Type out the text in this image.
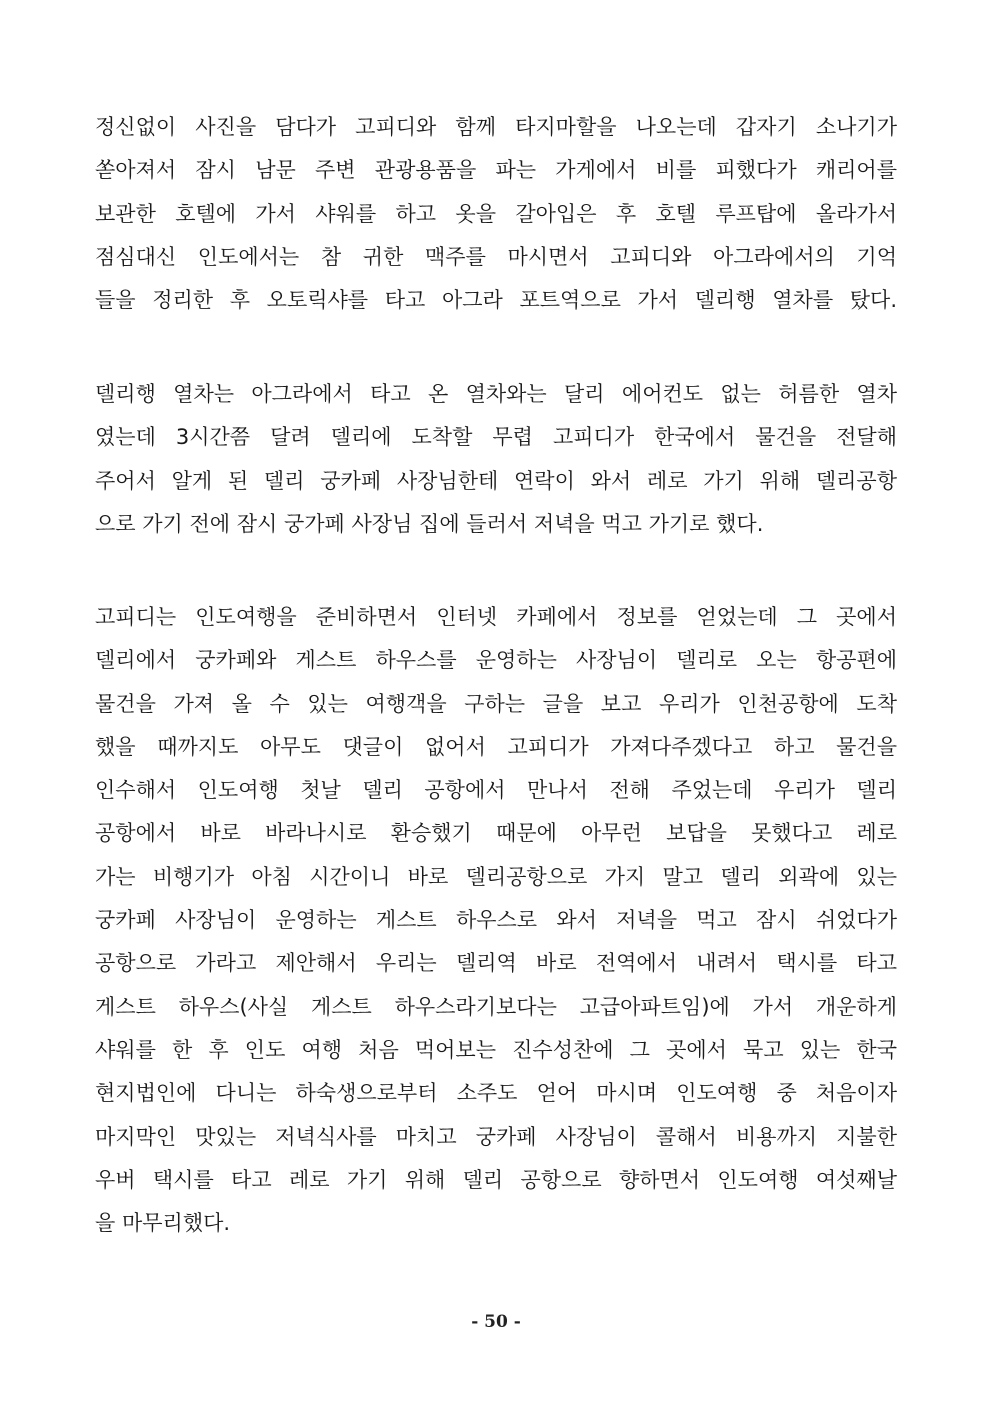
정신없이 사진을 담다가 고피디와 함께 타지마할을 나오는데 갑자기 소나기가
쏟아져서 잠시 남문 주변 관광용품을 파는 가게에서 비를 피했다가 캐리어를
보관한 호텔에 가서 샤워를 하고 옷을 갈아입은 후 호텔 루프탑에 올라가서
점심대신 인도에서는 참 귀한 맥주를 마시면서 고피디와 아그라에서의 기억
들을 정리한 후 오토릭샤를 타고 아그라 포트역으로 가서 델리행 열차를 탔다.
델리행 열차는 아그라에서 타고 온 열차와는 달리 에어컨도 없는 허름한 열차
였는데 3시간쯤 달려 델리에 도착할 무렵 고피디가 한국에서 물건을 전달해
주어서 알게 된 델리 궁카페 사장님한테 연락이 와서 레로 가기 위해 델리공항
으로 가기 전에 잠시 궁가페 사장님 집에 들러서 저녁을 먹고 가기로 했다.
고피디는 인도여행을 준비하면서 인터넷 카페에서 정보를 얻었는데 그 곳에서
델리에서 궁카페와 게스트 하우스를 운영하는 사장님이 델리로 오는 항공편에
물건을 가져 올 수 있는 여행객을 구하는 글을 보고 우리가 인천공항에 도착
했을 때까지도 아무도 댓글이 없어서 고피디가 가져다주겠다고 하고 물건을
인수해서 인도여행 첫날 델리 공항에서 만나서 전해 주었는데 우리가 델리
공항에서 바로 바라나시로 환승했기 때문에 아무런 보답을 못했다고 레로
가는 비행기가 아침 시간이니 바로 델리공항으로 가지 말고 델리 외곽에 있는
궁카페 사장님이 운영하는 게스트 하우스로 와서 저녁을 먹고 잠시 쉬었다가
공항으로 가라고 제안해서 우리는 델리역 바로 전역에서 내려서 택시를 타고
게스트 하우스(사실 게스트 하우스라기보다는 고급아파트임)에 가서 개운하게
샤워를 한 후 인도 여행 처음 먹어보는 진수성찬에 그 곳에서 묵고 있는 한국
현지법인에 다니는 하숙생으로부터 소주도 얻어 마시며 인도여행 중 처음이자
마지막인 맛있는 저녁식사를 마치고 궁카페 사장님이 콜해서 비용까지 지불한
우버 택시를 타고 레로 가기 위해 델리 공항으로 향하면서 인도여행 여섯째날
을 마무리했다.
- 50 -
